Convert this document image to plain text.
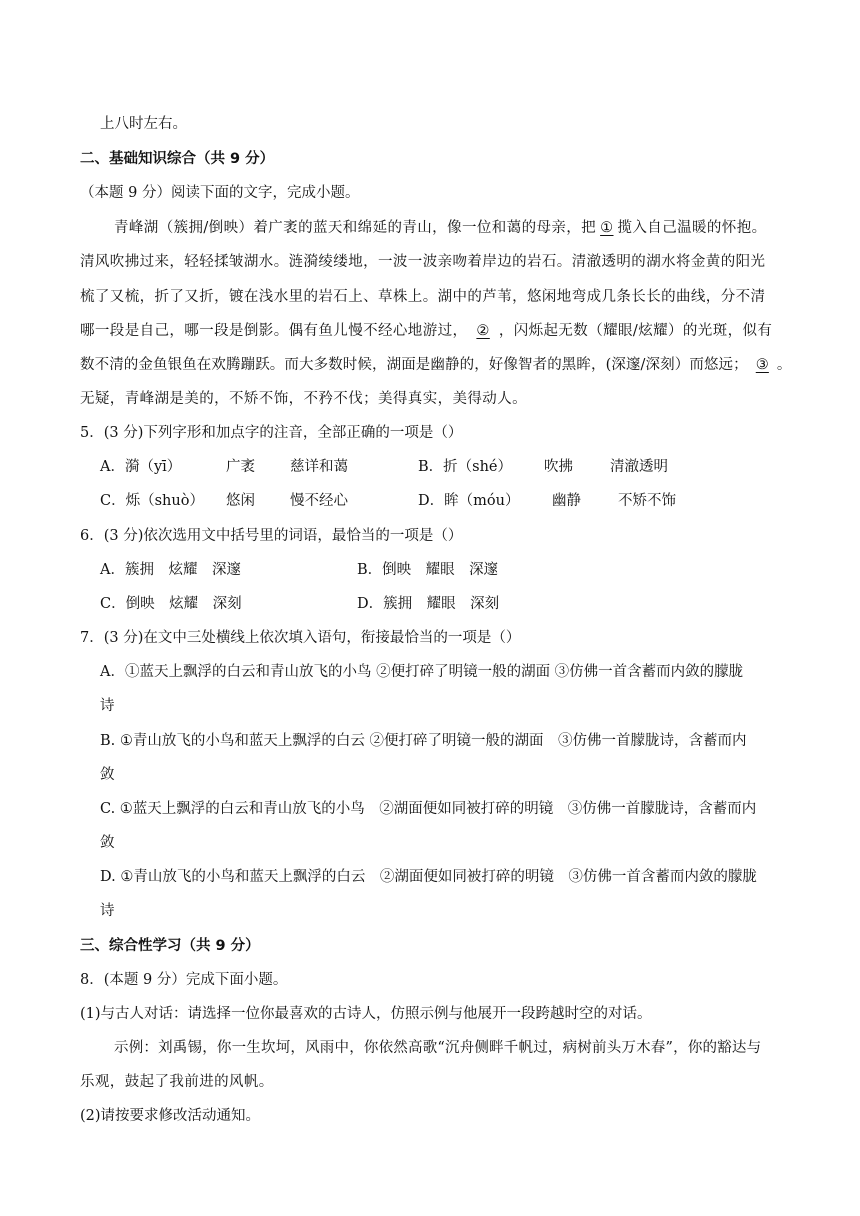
上八时左右。
二、基础知识综合（共 9 分）
（本题 9 分）阅读下面的文字，完成小题。
青峰湖（簇拥/倒映）着广袤的蓝天和绵延的青山，像一位和蔼的母亲，把 ① 揽入自己温暖的怀抱。
清风吹拂过来，轻轻揉皱湖水。涟漪绫缕地，一波一波亲吻着岸边的岩石。清澈透明的湖水将金黄的阳光
梳了又梳，折了又折，镀在浅水里的岩石上、草株上。湖中的芦苇，悠闲地弯成几条长长的曲线，分不清
哪一段是自己，哪一段是倒影。偶有鱼儿慢不经心地游过， ② ，闪烁起无数（耀眼/炫耀）的光斑，似有
数不清的金鱼银鱼在欢腾蹦跃。而大多数时候，湖面是幽静的，好像智者的黑眸，(深邃/深刻）而悠远； ③ 。
无疑，青峰湖是美的，不矫不饰，不矜不伐；美得真实，美得动人。
5．(3 分)下列字形和加点字的注音，全部正确的一项是（）
A．漪（yī）	广袤 慈详和蔼	B．折（shé） 吹拂	清澈透明
C．烁（shuò） 悠闲 慢不经心	D．眸（móu） 幽静	不矫不饰
6．(3 分)依次选用文中括号里的词语，最恰当的一项是（）
A．簇拥　炫耀　深邃	B．倒映　耀眼　深邃
C．倒映　炫耀　深刻	D．簇拥　耀眼　深刻
7．(3 分)在文中三处横线上依次填入语句，衔接最恰当的一项是（）
A．①蓝天上飘浮的白云和青山放飞的小鸟 ②便打碎了明镜一般的湖面 ③仿佛一首含蓄而内敛的朦胧
诗
B. ①青山放飞的小鸟和蓝天上飘浮的白云 ②便打碎了明镜一般的湖面　③仿佛一首朦胧诗，含蓄而内
敛
C. ①蓝天上飘浮的白云和青山放飞的小鸟　②湖面便如同被打碎的明镜　③仿佛一首朦胧诗，含蓄而内
敛
D. ①青山放飞的小鸟和蓝天上飘浮的白云　②湖面便如同被打碎的明镜　③仿佛一首含蓄而内敛的朦胧
诗
三、综合性学习（共 9 分）
8．(本题 9 分）完成下面小题。
(1)与古人对话：请选择一位你最喜欢的古诗人，仿照示例与他展开一段跨越时空的对话。
示例：刘禹锡，你一生坎坷，风雨中，你依然高歌“沉舟侧畔千帆过，病树前头万木春”，你的豁达与
乐观，鼓起了我前进的风帆。
(2)请按要求修改活动通知。
